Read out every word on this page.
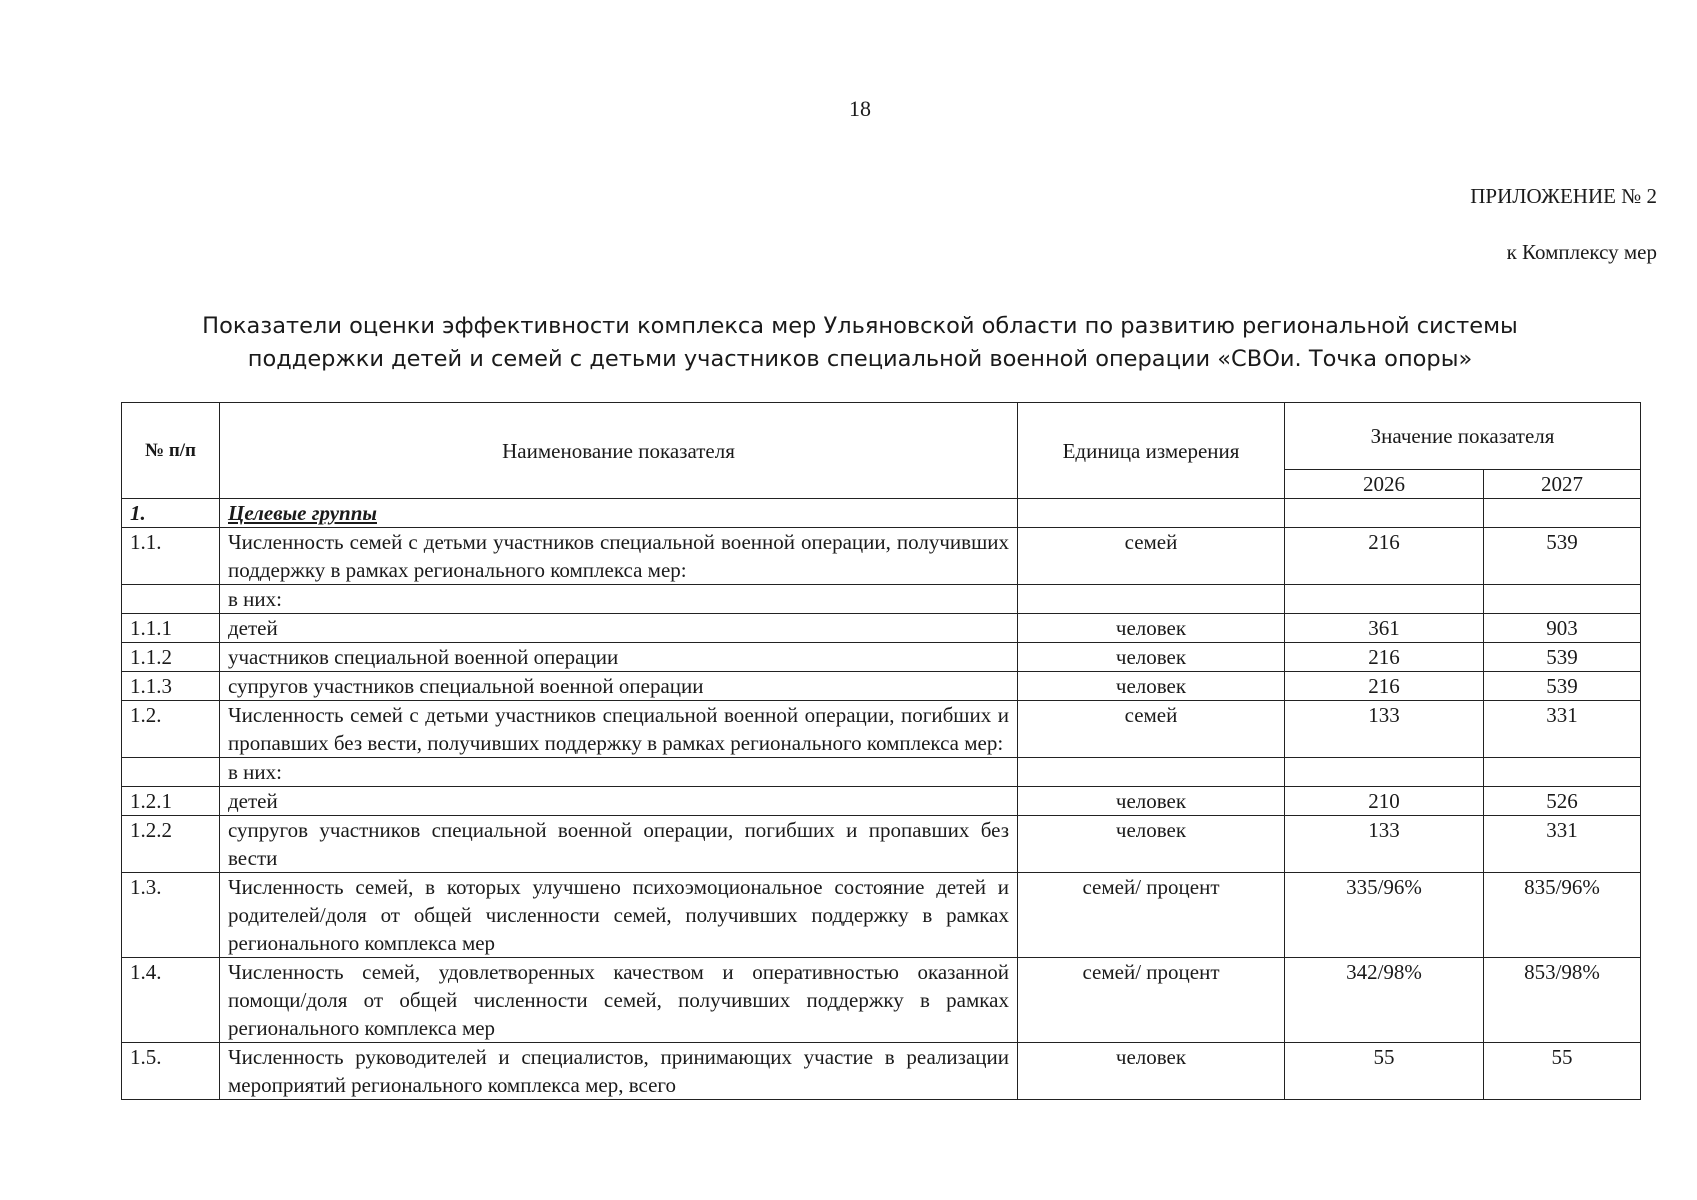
18
ПРИЛОЖЕНИЕ № 2
к Комплексу мер
Показатели оценки эффективности комплекса мер Ульяновской области по развитию региональной системы
поддержки детей и семей с детьми участников специальной военной операции «СВОи. Точка опоры»
№ п/п	Наименование показателя	Единица измерения	Значение показателя	
			2026	2027
1.	Целевые группы			
1.1.	Численность семей с детьми участников специальной военной операции, получивших поддержку в рамках регионального комплекса мер:	семей	216	539
	в них:			
1.1.1	детей	человек	361	903
1.1.2	участников специальной военной операции	человек	216	539
1.1.3	супругов участников специальной военной операции	человек	216	539
1.2.	Численность семей с детьми участников специальной военной операции, погибших и пропавших без вести, получивших поддержку в рамках регионального комплекса мер:	семей	133	331
	в них:			
1.2.1	детей	человек	210	526
1.2.2	супругов участников специальной военной операции, погибших и пропавших без вести	человек	133	331
1.3.	Численность семей, в которых улучшено психоэмоциональное состояние детей и родителей/доля от общей численности семей, получивших поддержку в рамках регионального комплекса мер	семей/ процент	335/96%	835/96%
1.4.	Численность семей, удовлетворенных качеством и оперативностью оказанной помощи/доля от общей численности семей, получивших поддержку в рамках регионального комплекса мер	семей/ процент	342/98%	853/98%
1.5.	Численность руководителей и специалистов, принимающих участие в реализации мероприятий регионального комплекса мер, всего	человек	55	55
